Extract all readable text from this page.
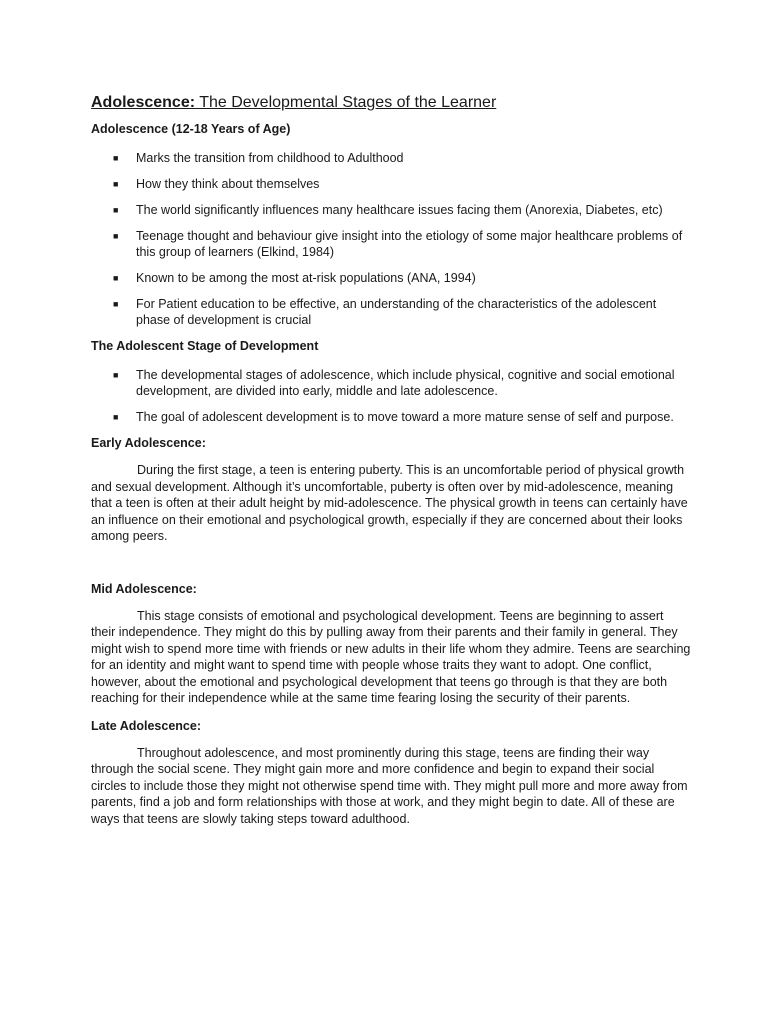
Adolescence: The Developmental Stages of the Learner
Adolescence (12-18 Years of Age)
■ Marks the transition from childhood to Adulthood
■ How they think about themselves
■ The world significantly influences many healthcare issues facing them (Anorexia, Diabetes, etc)
■ Teenage thought and behaviour give insight into the etiology of some major healthcare problems of this group of learners (Elkind, 1984)
■ Known to be among the most at-risk populations (ANA, 1994)
■ For Patient education to be effective, an understanding of the characteristics of the adolescent phase of development is crucial
The Adolescent Stage of Development
■ The developmental stages of adolescence, which include physical, cognitive and social emotional development, are divided into early, middle and late adolescence.
■ The goal of adolescent development is to move toward a more mature sense of self and purpose.
Early Adolescence:

During the first stage, a teen is entering puberty. This is an uncomfortable period of physical growth and sexual development. Although it’s uncomfortable, puberty is often over by mid-adolescence, meaning that a teen is often at their adult height by mid-adolescence. The physical growth in teens can certainly have an influence on their emotional and psychological growth, especially if they are concerned about their looks among peers.

Mid Adolescence:

This stage consists of emotional and psychological development. Teens are beginning to assert their independence. They might do this by pulling away from their parents and their family in general. They might wish to spend more time with friends or new adults in their life whom they admire. Teens are searching for an identity and might want to spend time with people whose traits they want to adopt. One conflict, however, about the emotional and psychological development that teens go through is that they are both reaching for their independence while at the same time fearing losing the security of their parents.

Late Adolescence:

Throughout adolescence, and most prominently during this stage, teens are finding their way through the social scene. They might gain more and more confidence and begin to expand their social circles to include those they might not otherwise spend time with. They might pull more and more away from parents, find a job and form relationships with those at work, and they might begin to date. All of these are ways that teens are slowly taking steps toward adulthood.
